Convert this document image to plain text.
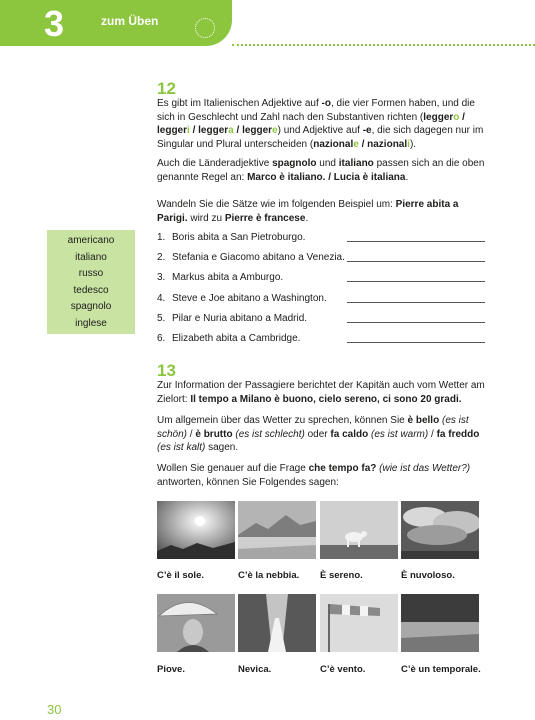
3	zum Üben
12

Es gibt im Italienischen Adjektive auf -o, die vier Formen haben, und die sich in Geschlecht und Zahl nach den Substantiven richten (leggero / leggeri / leggera / leggere) und Adjektive auf -e, die sich dagegen nur im Singular und Plural unterscheiden (nazionale / nazionali).

Auch die Länderadjektive spagnolo und italiano passen sich an die oben genannte Regel an: Marco è italiano. / Lucia è italiana.

Wandeln Sie die Sätze wie im folgenden Beispiel um: Pierre abita a Parigi. wird zu Pierre è francese.

americano
italiano
russo
tedesco
spagnolo
inglese
1. Boris abita a San Pietroburgo.
2. Stefania e Giacomo abitano a Venezia.
3. Markus abita a Amburgo.
4. Steve e Joe abitano a Washington.
5. Pilar e Nuria abitano a Madrid.
6. Elizabeth abita a Cambridge.
13

Zur Information der Passagiere berichtet der Kapitän auch vom Wetter am Zielort: Il tempo a Milano è buono, cielo sereno, ci sono 20 gradi.

Um allgemein über das Wetter zu sprechen, können Sie è bello (es ist schön) / è brutto (es ist schlecht) oder fa caldo (es ist warm) / fa freddo (es ist kalt) sagen.

Wollen Sie genauer auf die Frage che tempo fa? (wie ist das Wetter?) antworten, können Sie Folgendes sagen:

C’è il sole.	C’è la nebbia. È sereno.	È nuvoloso.
Piove.	Nevica.	C’è vento.	C’è un temporale.
30
